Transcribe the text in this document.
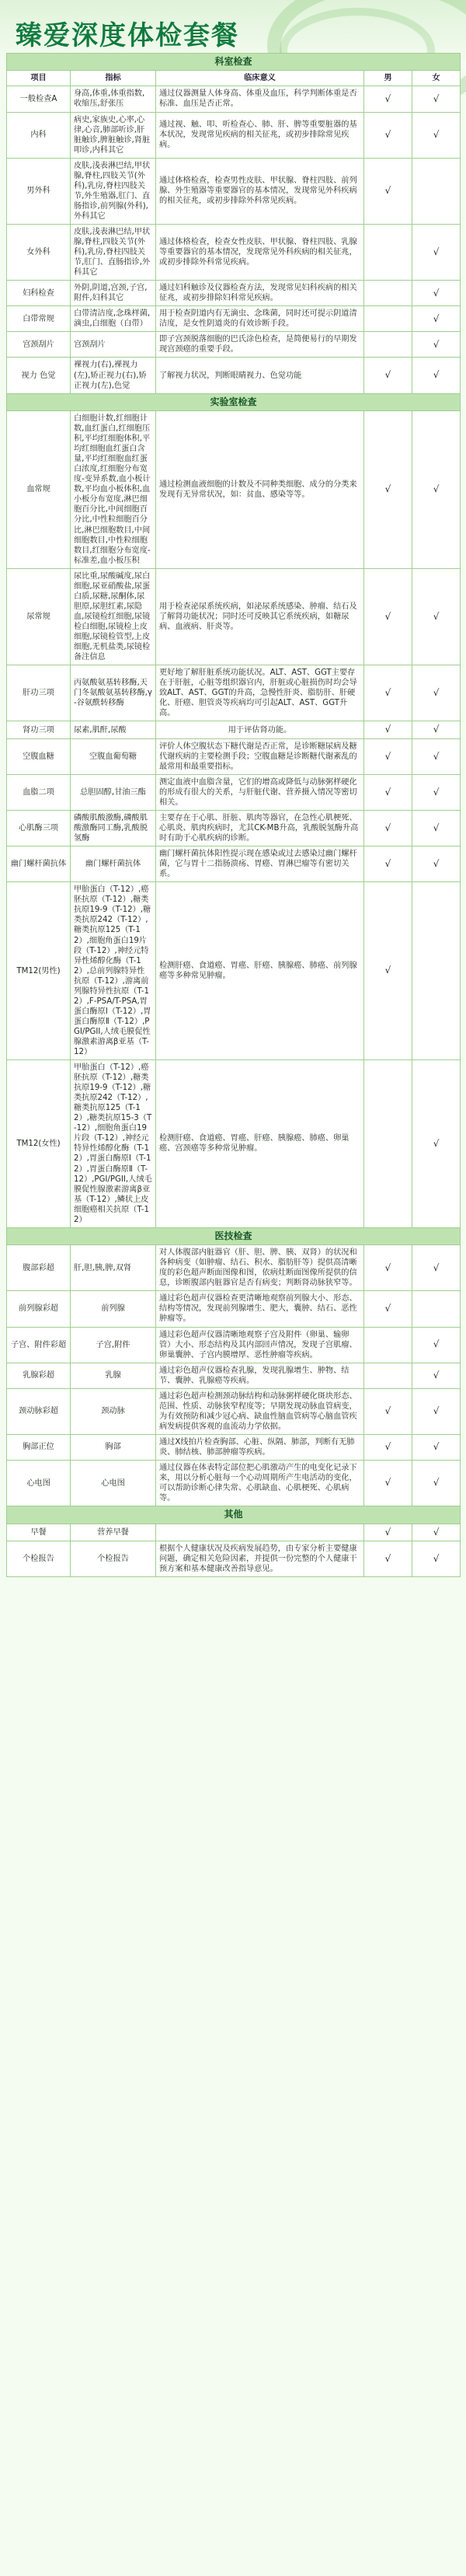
臻爱深度体检套餐
科室检查				
项目	指标	临床意义	男	女
一般检查A	身高,体重,体重指数,收缩压,舒张压	通过仪器测量人体身高、体重及血压，科学判断体重是否标准、血压是否正常。	√	√
内科	病史,家族史,心率,心律,心音,肺部听诊,肝脏触诊,脾脏触诊,肾脏叩诊,内科其它	通过视、触、叩、听检查心、肺、肝、脾等重要脏器的基本状况，发现常见疾病的相关征兆，或初步排除常见疾病。	√	√
男外科	皮肤,浅表淋巴结,甲状腺,脊柱,四肢关节(外科),乳房,脊柱四肢关节,外生殖器,肛门、直肠指诊,前列腺(外科),外科其它	通过体格检查，检查男性皮肤、甲状腺、脊柱四肢、前列腺、外生殖器等重要器官的基本情况，发现常见外科疾病的相关征兆，或初步排除外科常见疾病。	√	
女外科	皮肤,浅表淋巴结,甲状腺,脊柱,四肢关节(外科),乳房,脊柱四肢关节,肛门、直肠指诊,外科其它	通过体格检查，检查女性皮肤、甲状腺、脊柱四肢、乳腺等重要器官的基本情况，发现常见外科疾病的相关征兆，或初步排除外科常见疾病。		√
妇科检查	外阴,阴道,宫颈,子宫,附件,妇科其它	通过妇科触诊及仪器检查方法，发现常见妇科疾病的相关征兆，或初步排除妇科常见疾病。		√
白带常规	白带清洁度,念珠样菌,滴虫,白细胞（白带）	用于检查阴道内有无滴虫、念珠菌，同时还可提示阴道清洁度，是女性阴道炎的有效诊断手段。		√
宫颈刮片	宫颈刮片	即子宫颈脱落细胞的巴氏涂色检查，是简便易行的早期发现宫颈癌的重要手段。		√
视力 色觉	裸视力(右),裸视力(左),矫正视力(右),矫正视力(左),色觉	了解视力状况，判断眼睛视力、色觉功能	√	√
实验室检查				
血常规	白细胞计数,红细胞计数,血红蛋白,红细胞压积,平均红细胞体积,平均红细胞血红蛋白含量,平均红细胞血红蛋白浓度,红细胞分布宽度-变异系数,血小板计数,平均血小板体积,血小板分布宽度,淋巴细胞百分比,中间细胞百分比,中性粒细胞百分比,淋巴细胞数目,中间细胞数目,中性粒细胞数目,红细胞分布宽度-标准差,血小板压积	通过检测血液细胞的计数及不同种类细胞、成分的分类来发现有无异常状况，如：贫血、感染等等。	√	√
尿常规	尿比重,尿酸碱度,尿白细胞,尿亚硝酸盐,尿蛋白质,尿糖,尿酮体,尿胆原,尿胆红素,尿隐血,尿镜检红细胞,尿镜检白细胞,尿镜检上皮细胞,尿镜检管型,上皮细胞,无机盐类,尿镜检备注信息	用于检查泌尿系统疾病，如泌尿系统感染、肿瘤、结石及了解肾功能状况；同时还可反映其它系统疾病，如糖尿病、血液病、肝炎等。	√	√
肝功三项	丙氨酸氨基转移酶,天门冬氨酸氨基转移酶,γ-谷氨酰转移酶	更好地了解肝脏系统功能状况。ALT、AST、GGT主要存在于肝脏，心脏等组织器官内，肝脏或心脏损伤时均会导致ALT、AST、GGT的升高，急慢性肝炎、脂肪肝、肝硬化、肝癌、胆管炎等疾病均可引起ALT、AST、GGT升高。	√	√
肾功三项	尿素,肌酐,尿酸	用于评估肾功能。	√	√
空腹血糖	空腹血葡萄糖	评价人体空腹状态下糖代谢是否正常，是诊断糖尿病及糖代谢疾病的主要检测手段；空腹血糖是诊断糖代谢紊乱的最常用和最重要指标。	√	√
血脂二项	总胆固醇,甘油三酯	测定血液中血脂含量，它们的增高或降低与动脉粥样硬化的形成有很大的关系，与肝脏代谢、营养摄入情况等密切相关。	√	√
心肌酶三项	磷酸肌酸激酶,磷酸肌酸激酶同工酶,乳酸脱氢酶	主要存在于心肌、肝脏、肌肉等器官，在急性心肌梗死、心肌炎、肌肉疾病时，尤其CK-MB升高，乳酸脱氢酶升高时有助于心肌疾病的诊断。	√	√
幽门螺杆菌抗体	幽门螺杆菌抗体	幽门螺杆菌抗体阳性提示现在感染或过去感染过幽门螺杆菌，它与胃十二指肠溃疡、胃癌、胃淋巴瘤等有密切关系。	√	√
TM12(男性)	甲胎蛋白（T-12）,癌胚抗原（T-12）,糖类抗原19-9（T-12）,糖类抗原242（T-12）,糖类抗原125（T-12）,细胞角蛋白19片段（T-12）,神经元特异性烯醇化酶（T-12）,总前列腺特异性抗原（T-12）,游离前列腺特异性抗原（T-12）,F-PSA/T-PSA,胃蛋白酶原Ⅰ（T-12）,胃蛋白酶原Ⅱ（T-12）,PGI/PGII,人绒毛膜促性腺激素游离β亚基（T-12）	检测肝癌、食道癌、胃癌、肝癌、胰腺癌、肺癌、前列腺癌等多种常见肿瘤。	√	
TM12(女性)	甲胎蛋白（T-12）,癌胚抗原（T-12）,糖类抗原19-9（T-12）,糖类抗原242（T-12）,糖类抗原125（T-12）,糖类抗原15-3（T-12）,细胞角蛋白19片段（T-12）,神经元特异性烯醇化酶（T-12）,胃蛋白酶原Ⅰ（T-12）,胃蛋白酶原Ⅱ（T-12）,PGI/PGII,人绒毛膜促性腺激素游离β亚基（T-12）,鳞状上皮细胞癌相关抗原（T-12）	检测肝癌、食道癌、胃癌、肝癌、胰腺癌、肺癌、卵巢癌、宫颈癌等多种常见肿瘤。		√
医技检查				
腹部彩超	肝,胆,胰,脾,双肾	对人体腹部内脏器官（肝、胆、脾、胰、双肾）的状况和各种病变（如肿瘤、结石、积水、脂肪肝等）提供高清晰度的彩色超声断面图像和图，依病灶断面图像所提供的信息，诊断腹部内脏器官是否有病变；判断肾动脉狭窄等。	√	√
前列腺彩超	前列腺	通过彩色超声仪器检查更清晰地观察前列腺大小、形态、结构等情况，发现前列腺增生、肥大，囊肿、结石、恶性肿瘤等。	√	
子宫、附件彩超	子宫,附件	通过彩色超声仪器清晰地观察子宫及附件（卵巢、输卵管）大小、形态结构及其内部回声情况，发现子宫肌瘤、卵巢囊肿、子宫内膜增厚、恶性肿瘤等疾病。		√
乳腺彩超	乳腺	通过彩色超声仪器检查乳腺，发现乳腺增生、肿物、结节、囊肿、乳腺癌等疾病。		√
颈动脉彩超	颈动脉	通过彩色超声检测颈动脉结构和动脉粥样硬化斑块形态、范围、性质、动脉狭窄程度等；早期发现动脉血管病变，为有效预防和减少冠心病、缺血性脑血管病等心脑血管疾病发病提供客观的血流动力学依据。	√	√
胸部正位	胸部	通过X线拍片检查胸部、心脏、纵隔、肺部，判断有无肺炎、肺结核、肺部肿瘤等疾病。	√	√
心电图	心电图	通过仪器在体表特定部位把心肌激动产生的电变化记录下来，用以分析心脏每一个心动周期所产生电活动的变化，可以帮助诊断心律失常、心肌缺血、心肌梗死、心肌病等。	√	√
其他				
早餐	营养早餐		√	√
个检报告	个检报告	根据个人健康状况及疾病发展趋势，由专家分析主要健康问题，确定相关危险因素，并提供一份完整的个人健康干预方案和基本健康改善指导意见。	√	√
